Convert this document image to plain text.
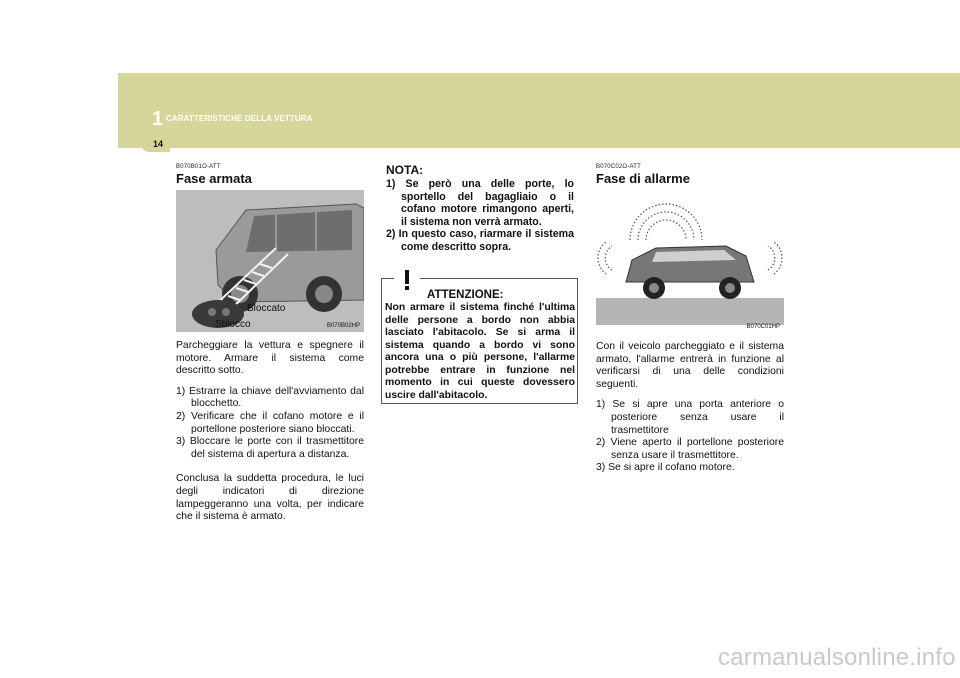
1 CARATTERISTICHE DELLA VETTURA
14
B070B01O-ATT
Fase armata
Bloccato
Sblocco	B070B02HP

Parcheggiare la vettura e spegnere il motore. Armare il sistema come descritto sotto.

1) Estrarre la chiave dell'avviamento dal blocchetto.

2) Verificare che il cofano motore e il portellone posteriore siano bloccati.

3) Bloccare le porte con il trasmettitore del sistema di apertura a distanza.

Conclusa la suddetta procedura, le luci degli indicatori di direzione lampeggeranno una volta, per indicare che il sistema è armato.

NOTA:

1) Se però una delle porte, lo sportello del bagagliaio o il cofano motore rimangono aperti, il sistema non verrà armato.

2) In questo caso, riarmare il sistema come descritto sopra.

ATTENZIONE:
Non armare il sistema finché l'ultima delle persone a bordo non abbia lasciato l'abitacolo. Se si arma il sistema quando a bordo vi sono ancora una o più persone, l'allarme potrebbe entrare in funzione nel momento in cui queste dovessero uscire dall'abitacolo.
B070C02O-ATT
Fase di allarme
B070C01HP

Con il veicolo parcheggiato e il sistema armato, l'allarme entrerà in funzione al verificarsi di una delle condizioni seguenti.

1) Se si apre una porta anteriore o posteriore senza usare il trasmettitore

2) Viene aperto il portellone posteriore senza usare il trasmettitore.

3) Se si apre il cofano motore.

carmanualsonline.info
